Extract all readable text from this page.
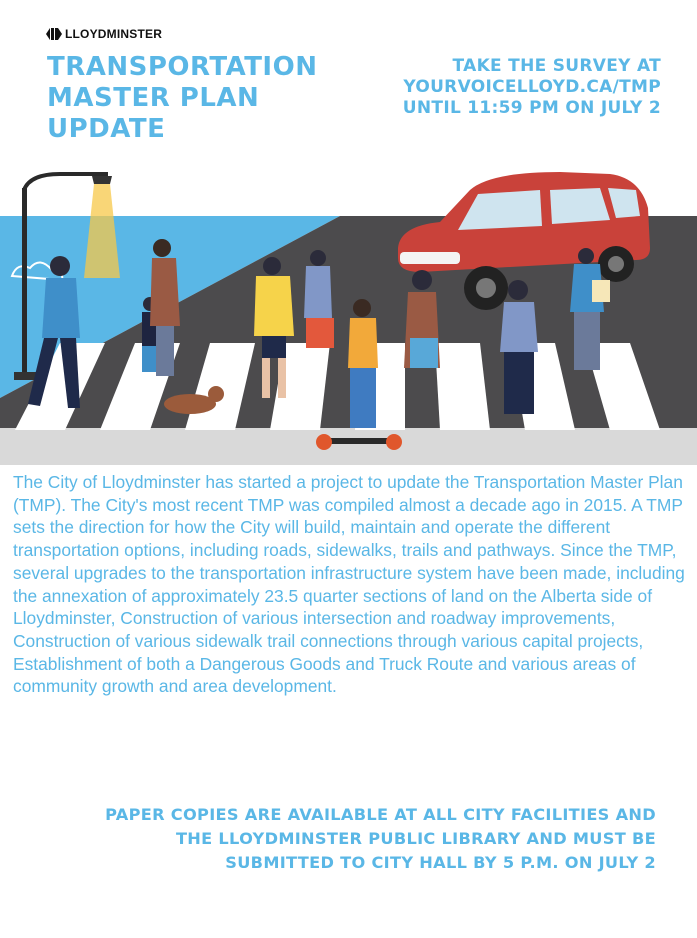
LLOYDMINSTER
TRANSPORTATION
MASTER PLAN
UPDATE

TAKE THE SURVEY AT
YOURVOICELLOYD.CA/TMP
UNTIL 11:59 PM ON JULY 2

The City of Lloydminster has started a project to update the Transportation Master Plan (TMP). The City's most recent TMP was compiled almost a decade ago in 2015. A TMP sets the direction for how the City will build, maintain and operate the different transportation options, including roads, sidewalks, trails and pathways. Since the TMP, several upgrades to the transportation infrastructure system have been made, including the annexation of approximately 23.5 quarter sections of land on the Alberta side of Lloydminster, Construction of various intersection and roadway improvements, Construction of various sidewalk trail connections through various capital projects, Establishment of both a Dangerous Goods and Truck Route and various areas of community growth and area development.

PAPER COPIES ARE AVAILABLE AT ALL CITY FACILITIES AND
THE LLOYDMINSTER PUBLIC LIBRARY AND MUST BE
SUBMITTED TO CITY HALL BY 5 P.M. ON JULY 2
